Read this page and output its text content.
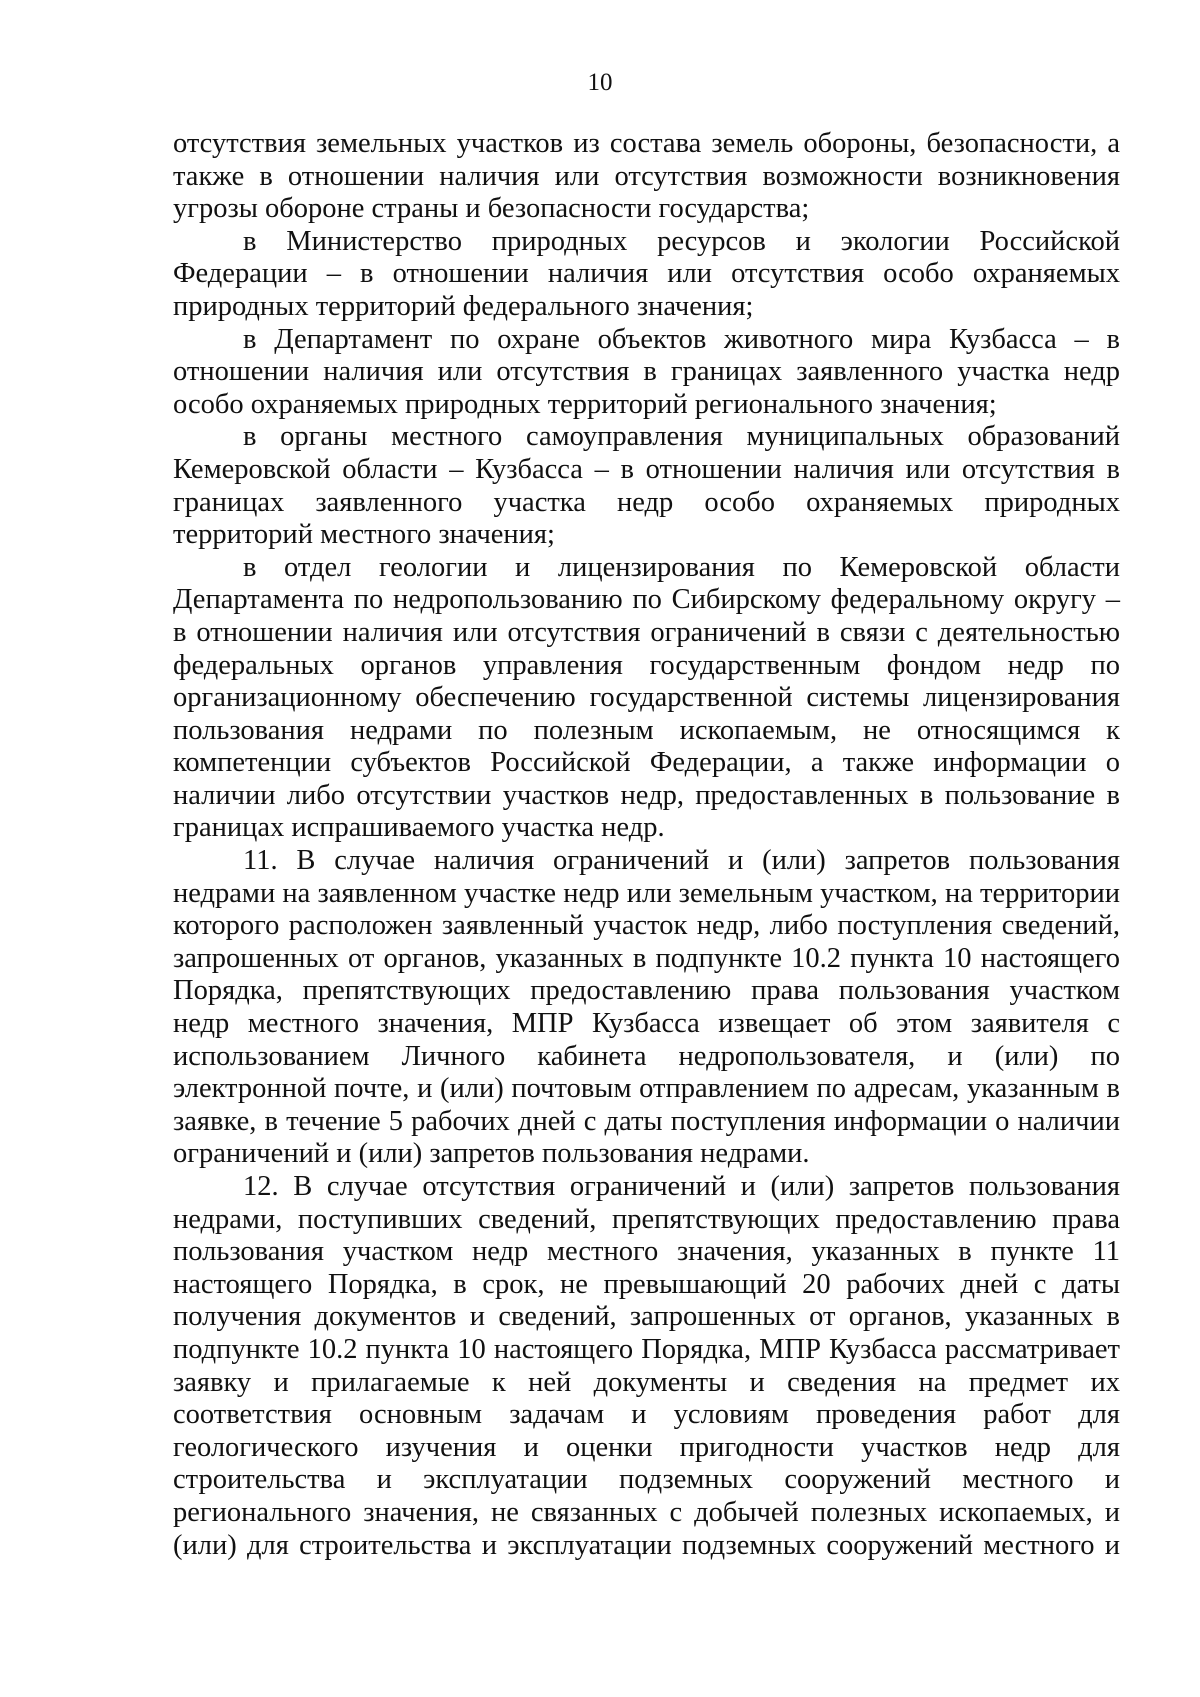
10

отсутствия земельных участков из состава земель обороны, безопасности, а также в отношении наличия или отсутствия возможности возникновения угрозы обороне страны и безопасности государства;

в Министерство природных ресурсов и экологии Российской Федерации – в отношении наличия или отсутствия особо охраняемых природных территорий федерального значения;

в Департамент по охране объектов животного мира Кузбасса – в отношении наличия или отсутствия в границах заявленного участка недр особо охраняемых природных территорий регионального значения;

в органы местного самоуправления муниципальных образований Кемеровской области – Кузбасса – в отношении наличия или отсутствия в границах заявленного участка недр особо охраняемых природных территорий местного значения;

в отдел геологии и лицензирования по Кемеровской области Департамента по недропользованию по Сибирскому федеральному округу – в отношении наличия или отсутствия ограничений в связи с деятельностью федеральных органов управления государственным фондом недр по организационному обеспечению государственной системы лицензирования пользования недрами по полезным ископаемым, не относящимся к компетенции субъектов Российской Федерации, а также информации о наличии либо отсутствии участков недр, предоставленных в пользование в границах испрашиваемого участка недр.

11. В случае наличия ограничений и (или) запретов пользования недрами на заявленном участке недр или земельным участком, на территории которого расположен заявленный участок недр, либо поступления сведений, запрошенных от органов, указанных в подпункте 10.2 пункта 10 настоящего Порядка, препятствующих предоставлению права пользования участком недр местного значения, МПР Кузбасса извещает об этом заявителя с использованием Личного кабинета недропользователя, и (или) по электронной почте, и (или) почтовым отправлением по адресам, указанным в заявке, в течение 5 рабочих дней с даты поступления информации о наличии ограничений и (или) запретов пользования недрами.

12. В случае отсутствия ограничений и (или) запретов пользования недрами, поступивших сведений, препятствующих предоставлению права пользования участком недр местного значения, указанных в пункте 11 настоящего Порядка, в срок, не превышающий 20 рабочих дней с даты получения документов и сведений, запрошенных от органов, указанных в подпункте 10.2 пункта 10 настоящего Порядка, МПР Кузбасса рассматривает заявку и прилагаемые к ней документы и сведения на предмет их соответствия основным задачам и условиям проведения работ для геологического изучения и оценки пригодности участков недр для строительства и эксплуатации подземных сооружений местного и регионального значения, не связанных с добычей полезных ископаемых, и (или) для строительства и эксплуатации подземных сооружений местного и
